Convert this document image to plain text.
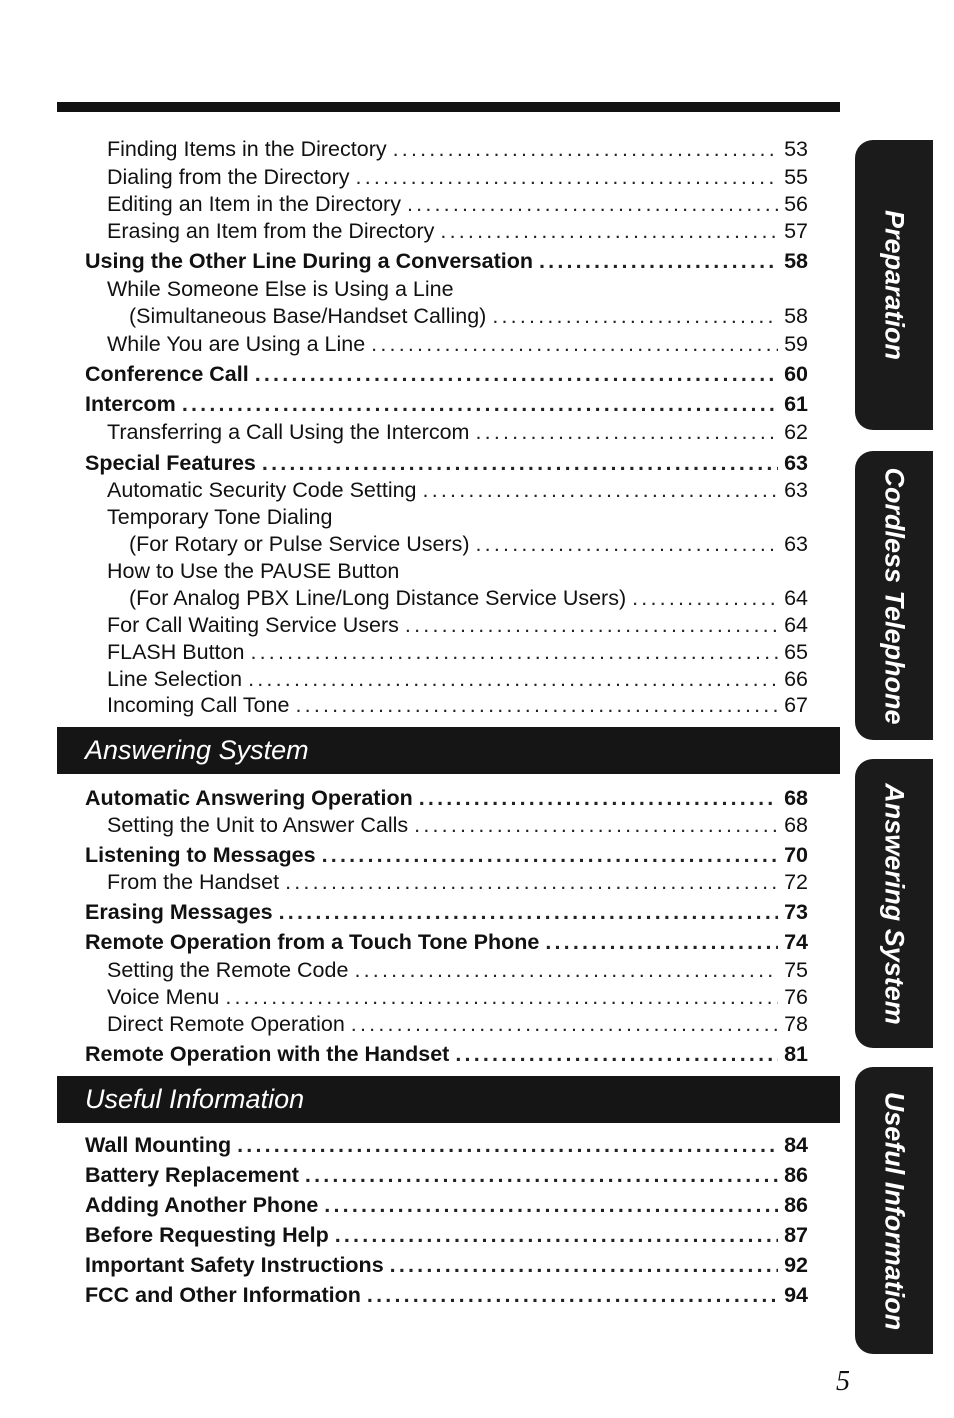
Finding Items in the Directory .....	53
Dialing from the Directory .....	55
Editing an Item in the Directory .....	56
Erasing an Item from the Directory .....	57
Using the Other Line During a Conversation .....	58
While Someone Else is Using a Line
(Simultaneous Base/Handset Calling) .....	58
While You are Using a Line .....	59
Conference Call .....	60
Intercom .....	61
Transferring a Call Using the Intercom .....	62
Special Features .....	63
Automatic Security Code Setting .....	63
Temporary Tone Dialing
(For Rotary or Pulse Service Users) .....	63
How to Use the PAUSE Button
(For Analog PBX Line/Long Distance Service Users) .....	64
For Call Waiting Service Users .....	64
FLASH Button .....	65
Line Selection .....	66
Incoming Call Tone .....	67
Automatic Answering Operation .....	68
Setting the Unit to Answer Calls .....	68
Listening to Messages .....	70
From the Handset .....	72
Erasing Messages .....	73
Remote Operation from a Touch Tone Phone .....	74
Setting the Remote Code .....	75
Voice Menu .....	76
Direct Remote Operation .....	78
Remote Operation with the Handset .....	81
Wall Mounting .....	84
Battery Replacement .....	86
Adding Another Phone .....	86
Before Requesting Help .....	87
Important Safety Instructions .....	92
FCC and Other Information .....	94
Answering System
Useful Information
Preparation
Cordless Telephone
Answering System
Useful Information
5
